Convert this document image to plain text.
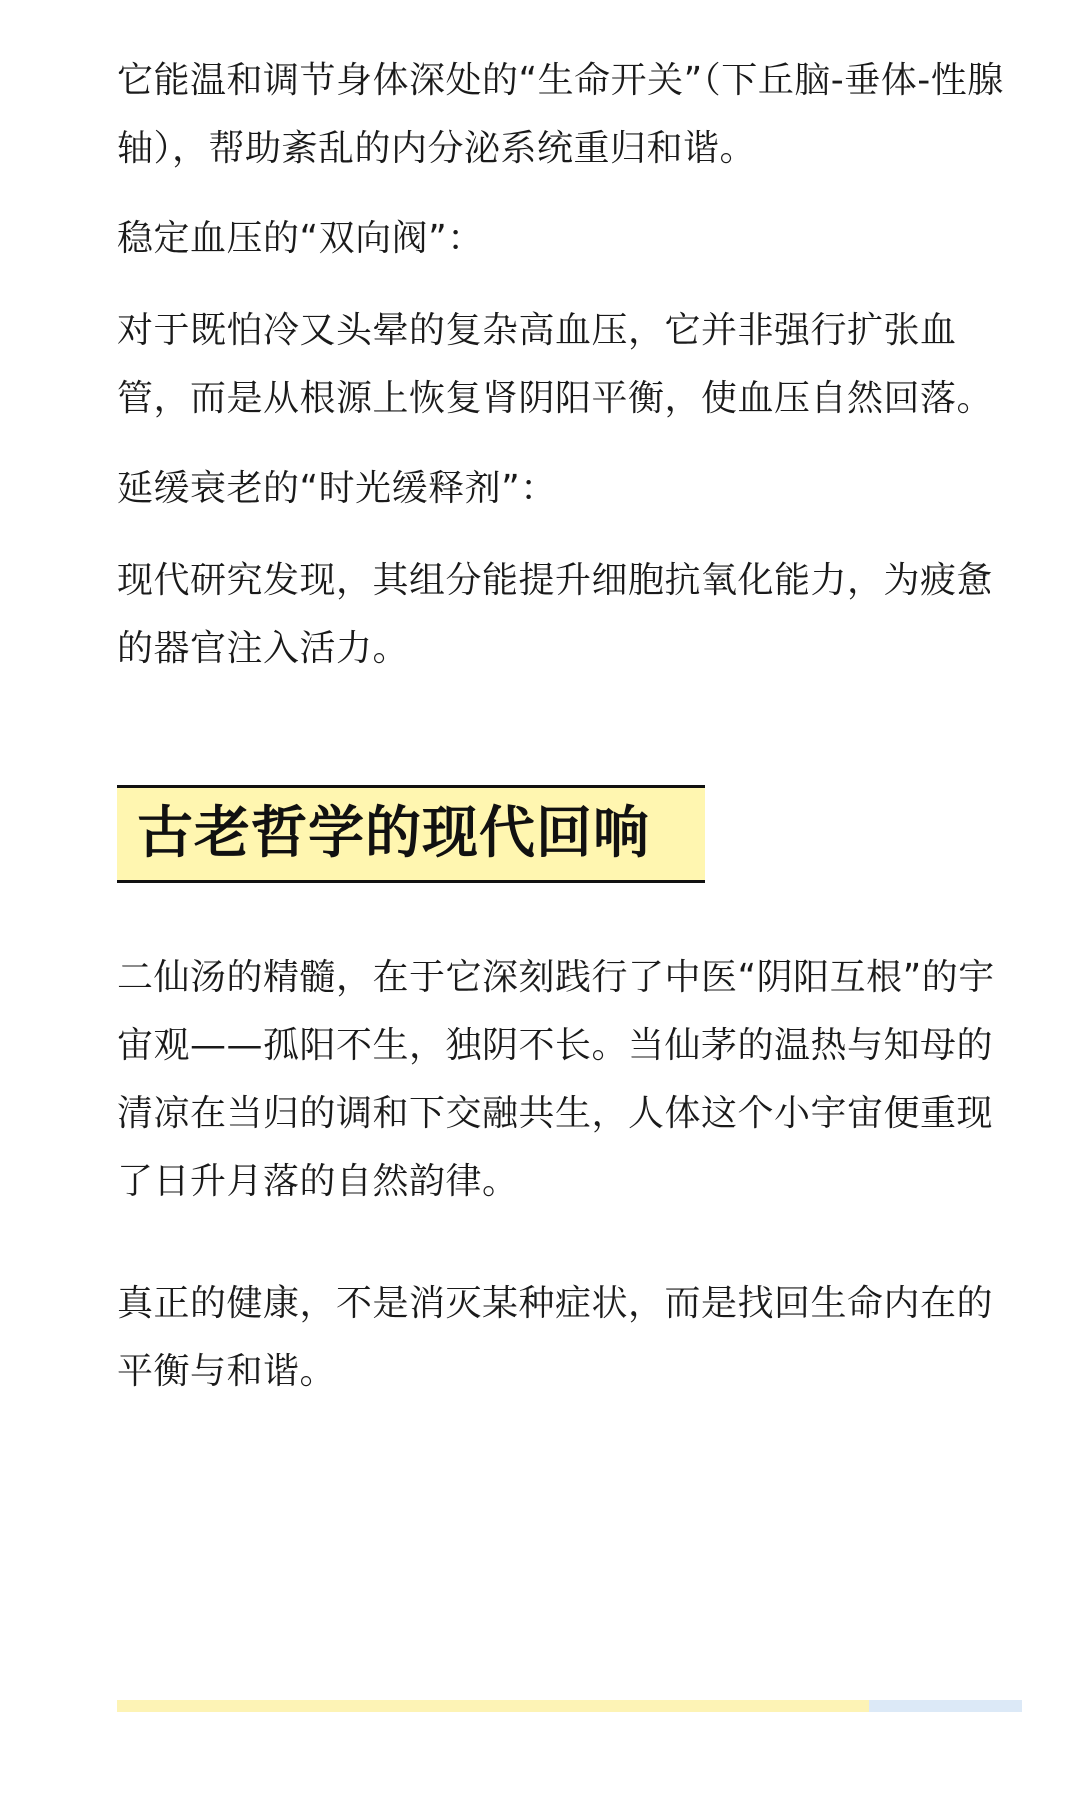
它能温和调节身体深处的“生命开关”（下丘脑-垂体-性腺轴），帮助紊乱的内分泌系统重归和谐。

稳定血压的“双向阀”：

对于既怕冷又头晕的复杂高血压，它并非强行扩张血管，而是从根源上恢复肾阴阳平衡，使血压自然回落。

延缓衰老的“时光缓释剂”：

现代研究发现，其组分能提升细胞抗氧化能力，为疲惫的器官注入活力。

古老哲学的现代回响

二仙汤的精髓，在于它深刻践行了中医“阴阳互根”的宇宙观——孤阳不生，独阴不长。当仙茅的温热与知母的清凉在当归的调和下交融共生，人体这个小宇宙便重现了日升月落的自然韵律。

真正的健康，不是消灭某种症状，而是找回生命内在的平衡与和谐。
